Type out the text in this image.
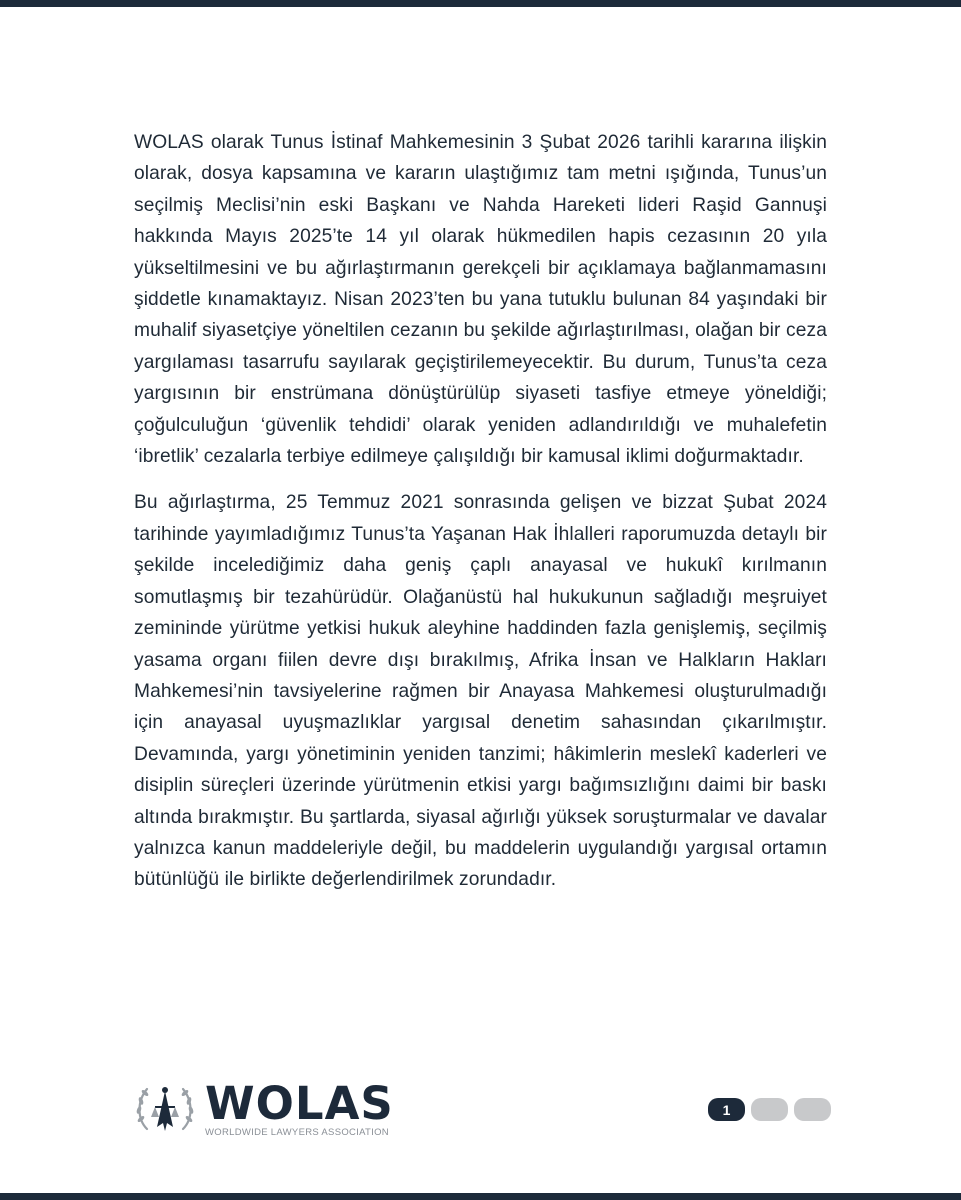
WOLAS olarak Tunus İstinaf Mahkemesinin 3 Şubat 2026 tarihli kararına ilişkin olarak, dosya kapsamına ve kararın ulaştığımız tam metni ışığında, Tunus’un seçilmiş Meclisi’nin eski Başkanı ve Nahda Hareketi lideri Raşid Gannuşi hakkında Mayıs 2025’te 14 yıl olarak hükmedilen hapis cezasının 20 yıla yükseltilmesini ve bu ağırlaştırmanın gerekçeli bir açıklamaya bağlanmamasını şiddetle kınamaktayız. Nisan 2023’ten bu yana tutuklu bulunan 84 yaşındaki bir muhalif siyasetçiye yöneltilen cezanın bu şekilde ağırlaştırılması, olağan bir ceza yargılaması tasarrufu sayılarak geçiştirilemeyecektir. Bu durum, Tunus’ta ceza yargısının bir enstrümana dönüştürülüp siyaseti tasfiye etmeye yöneldiği; çoğulculuğun ‘güvenlik tehdidi’ olarak yeniden adlandırıldığı ve muhalefetin ‘ibretlik’ cezalarla terbiye edilmeye çalışıldığı bir kamusal iklimi doğurmaktadır.

Bu ağırlaştırma, 25 Temmuz 2021 sonrasında gelişen ve bizzat Şubat 2024 tarihinde yayımladığımız Tunus’ta Yaşanan Hak İhlalleri raporumuzda detaylı bir şekilde incelediğimiz daha geniş çaplı anayasal ve hukukî kırılmanın somutlaşmış bir tezahürüdür. Olağanüstü hal hukukunun sağladığı meşruiyet zemininde yürütme yetkisi hukuk aleyhine haddinden fazla genişlemiş, seçilmiş yasama organı fiilen devre dışı bırakılmış, Afrika İnsan ve Halkların Hakları Mahkemesi’nin tavsiyelerine rağmen bir Anayasa Mahkemesi oluşturulmadığı için anayasal uyuşmazlıklar yargısal denetim sahasından çıkarılmıştır. Devamında, yargı yönetiminin yeniden tanzimi; hâkimlerin meslekî kaderleri ve disiplin süreçleri üzerinde yürütmenin etkisi yargı bağımsızlığını daimi bir baskı altında bırakmıştır. Bu şartlarda, siyasal ağırlığı yüksek soruşturmalar ve davalar yalnızca kanun maddeleriyle değil, bu maddelerin uygulandığı yargısal ortamın bütünlüğü ile birlikte değerlendirilmek zorundadır.

WOLAS
WORLDWIDE LAWYERS ASSOCIATION
1
